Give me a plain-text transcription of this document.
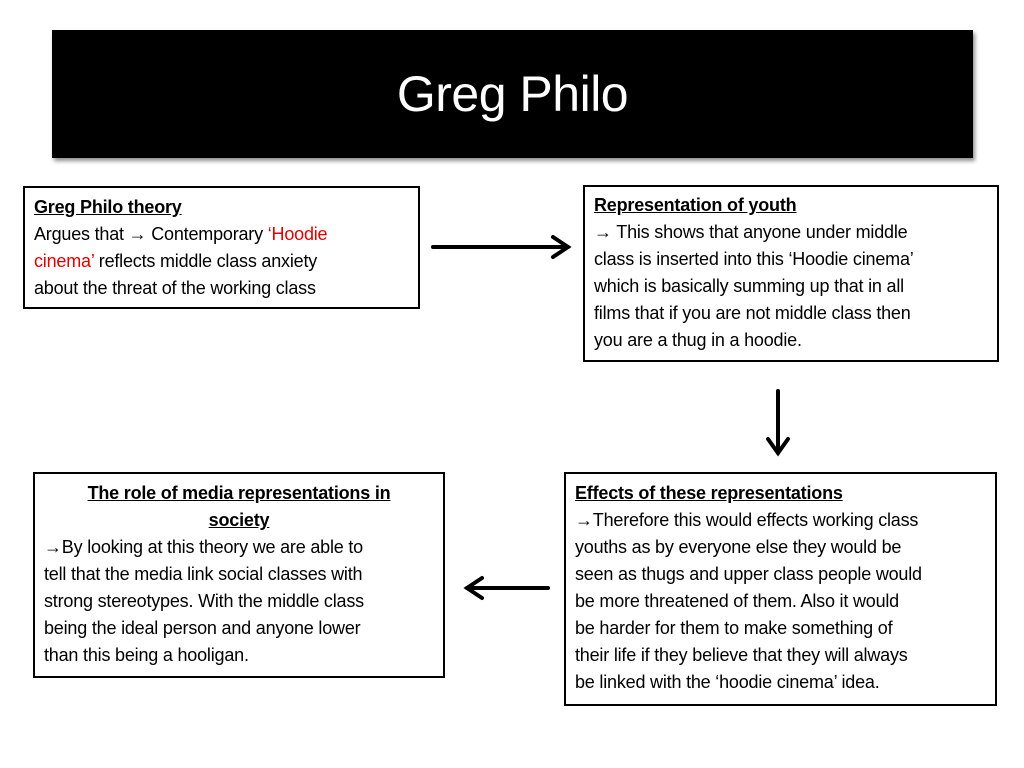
Greg Philo
Greg Philo theory
Argues that → Contemporary ‘Hoodie
cinema’ reflects middle class anxiety
about the threat of the working class
Representation of youth
→ This shows that anyone under middle
class is inserted into this ‘Hoodie cinema’
which is basically summing up that in all
films that if you are not middle class then
you are a thug in a hoodie.
The role of media representations in
society
→By looking at this theory we are able to
tell that the media link social classes with
strong stereotypes. With the middle class
being the ideal person and anyone lower
than this being a hooligan.
Effects of these representations
→Therefore this would effects working class
youths as by everyone else they would be
seen as thugs and upper class people would
be more threatened of them. Also it would
be harder for them to make something of
their life if they believe that they will always
be linked with the ‘hoodie cinema’ idea.
